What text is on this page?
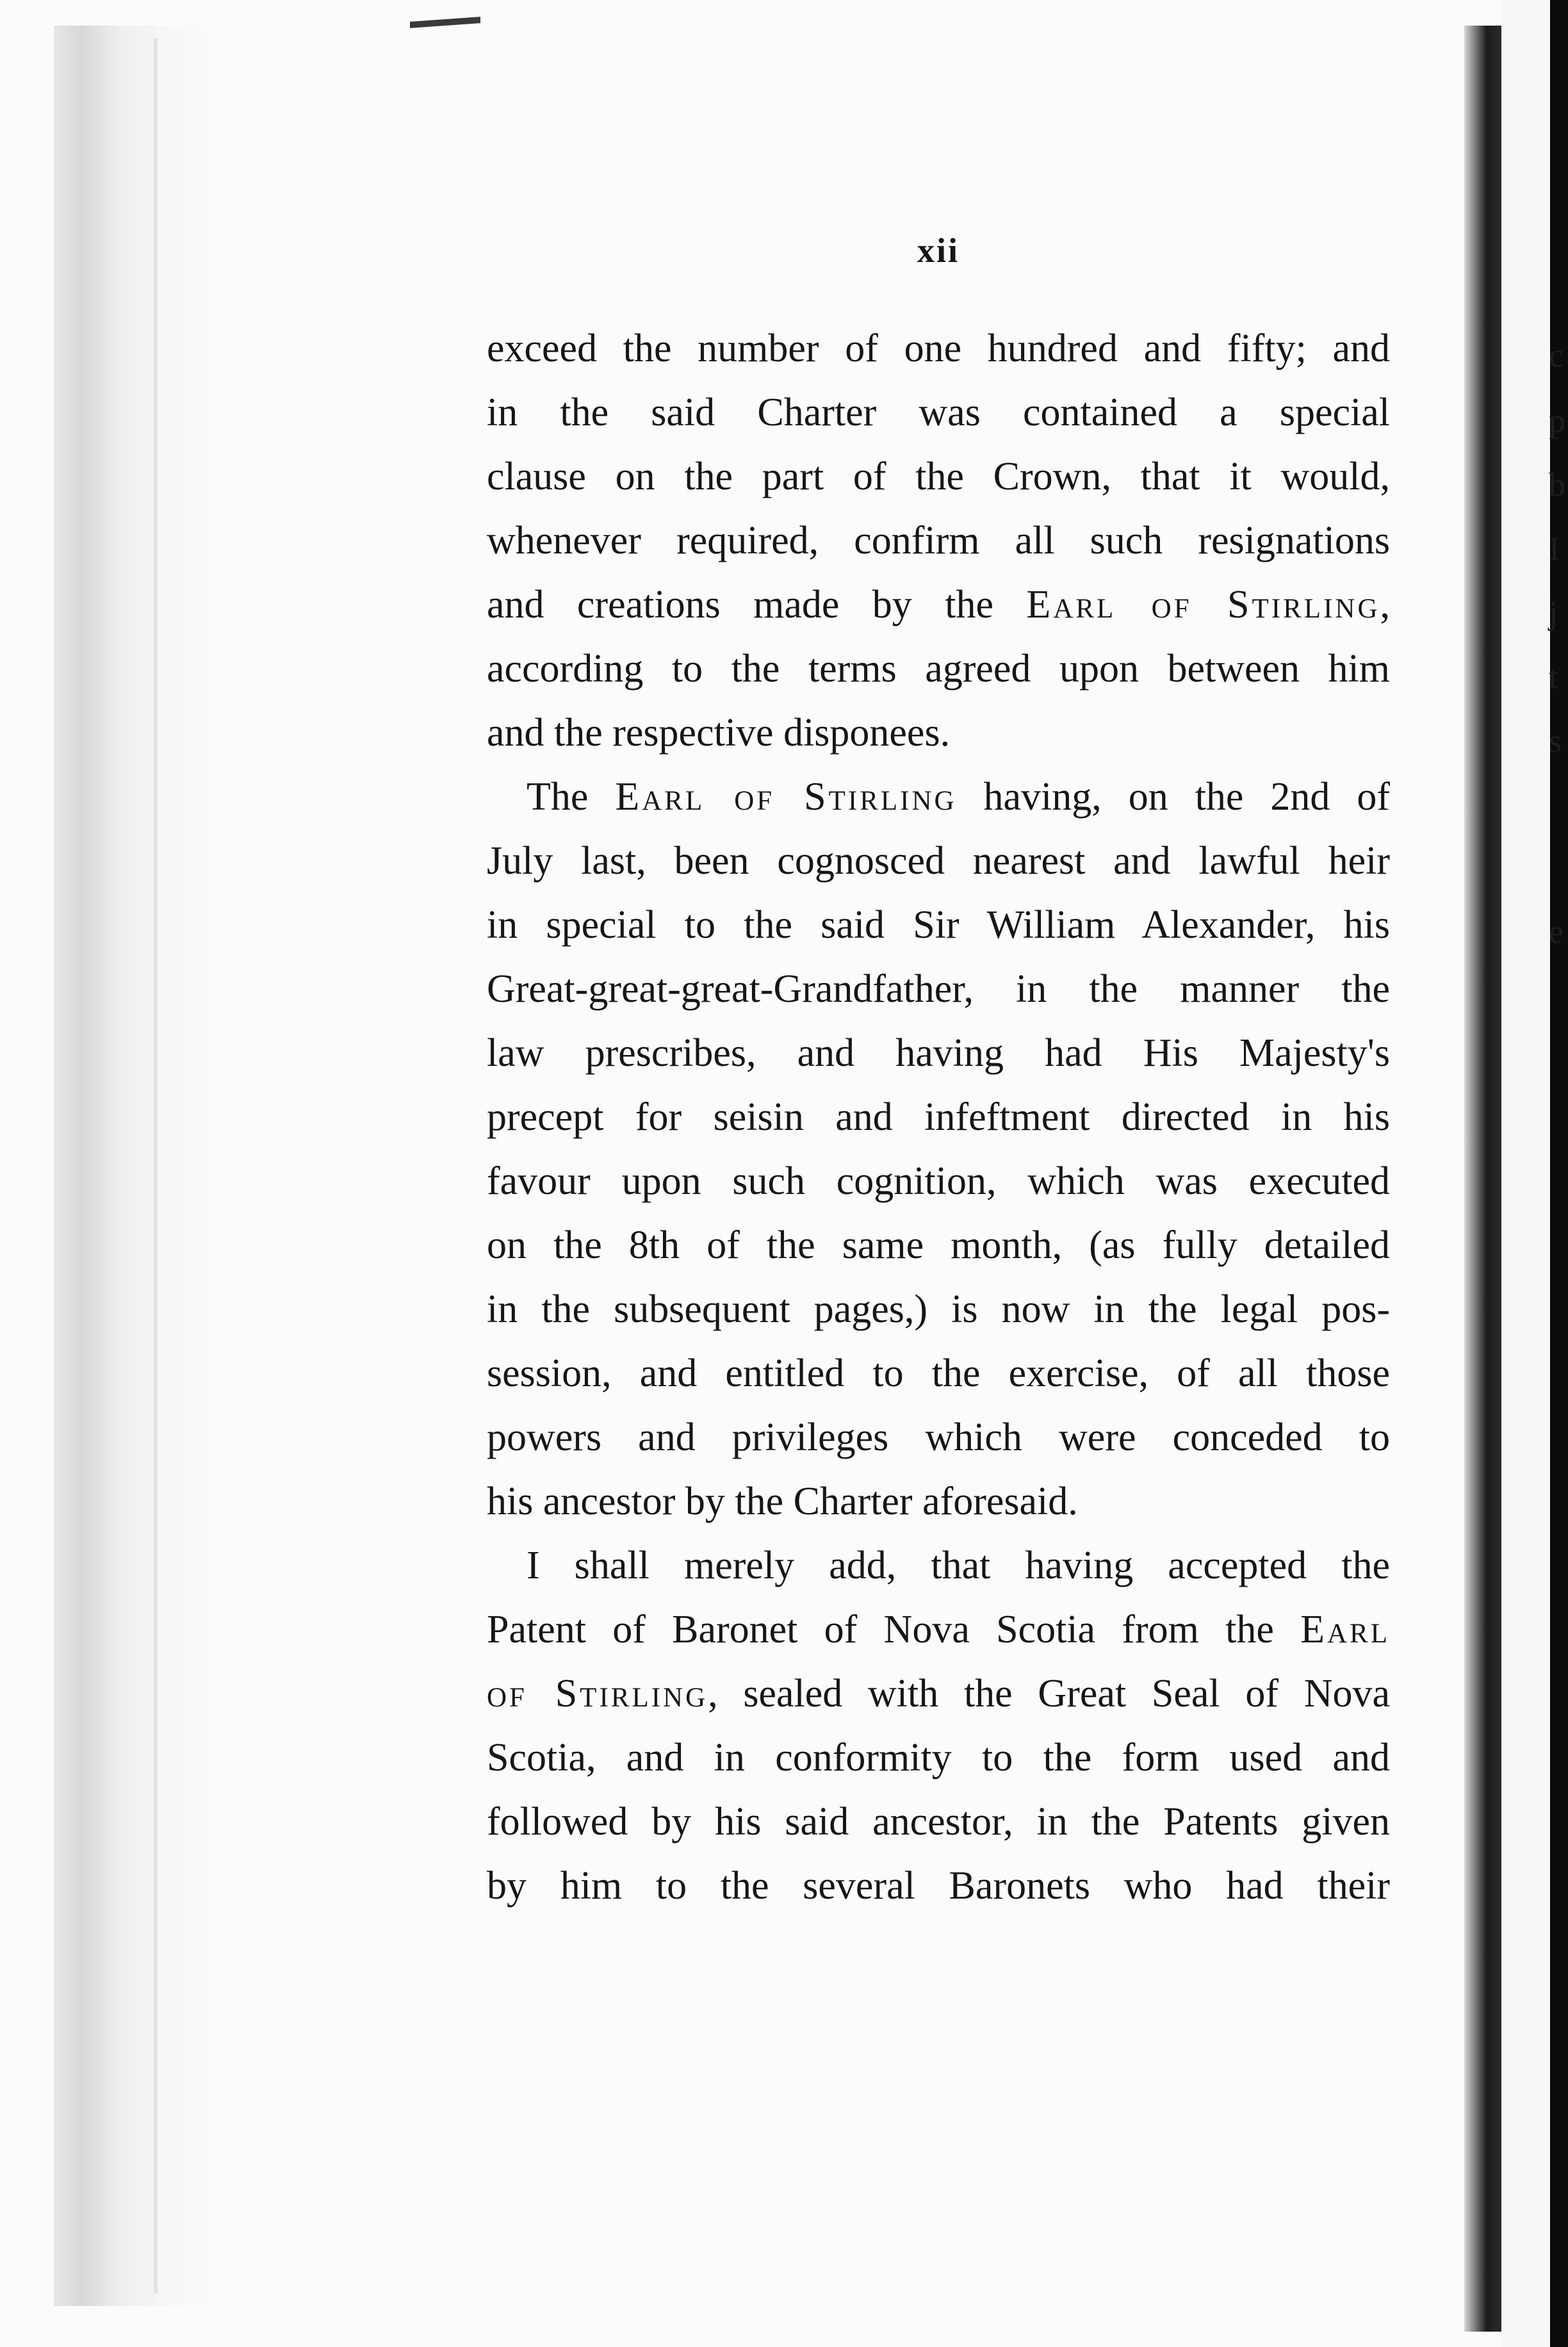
c
p
b
I
j
t
s
e
xii

exceed the number of one hundred and fifty; and
in the said Charter was contained a special
clause on the part of the Crown, that it would,
whenever required, confirm all such resignations
and creations made by the Earl of Stirling,
according to the terms agreed upon between him
and the respective disponees.

The Earl of Stirling having, on the 2nd of
July last, been cognosced nearest and lawful heir
in special to the said Sir William Alexander, his
Great-great-great-Grandfather, in the manner the
law prescribes, and having had His Majesty's
precept for seisin and infeftment directed in his
favour upon such cognition, which was executed
on the 8th of the same month, (as fully detailed
in the subsequent pages,) is now in the legal pos-
session, and entitled to the exercise, of all those
powers and privileges which were conceded to
his ancestor by the Charter aforesaid.

I shall merely add, that having accepted the
Patent of Baronet of Nova Scotia from the Earl
of Stirling, sealed with the Great Seal of Nova
Scotia, and in conformity to the form used and
followed by his said ancestor, in the Patents given
by him to the several Baronets who had their
